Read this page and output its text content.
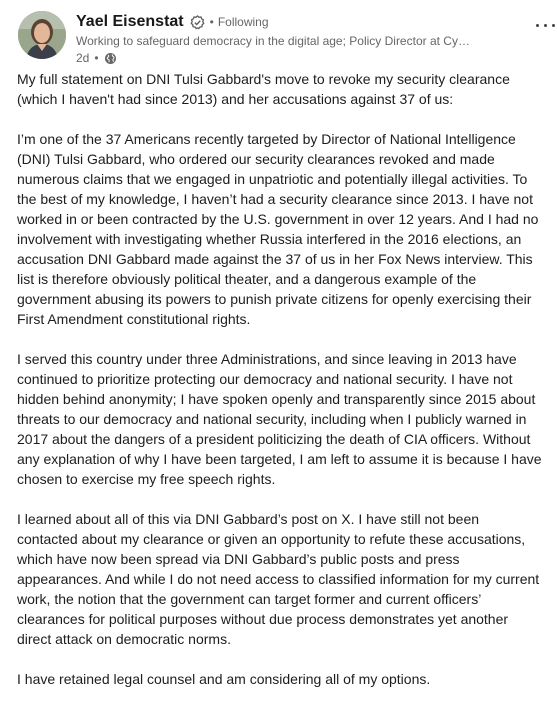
Yael Eisenstat • Following
Working to safeguard democracy in the digital age; Policy Director at Cy…
2d •

My full statement on DNI Tulsi Gabbard's move to revoke my security clearance (which I haven't had since 2013) and her accusations against 37 of us:

I’m one of the 37 Americans recently targeted by Director of National Intelligence (DNI) Tulsi Gabbard, who ordered our security clearances revoked and made numerous claims that we engaged in unpatriotic and potentially illegal activities. To the best of my knowledge, I haven’t had a security clearance since 2013. I have not worked in or been contracted by the U.S. government in over 12 years. And I had no involvement with investigating whether Russia interfered in the 2016 elections, an accusation DNI Gabbard made against the 37 of us in her Fox News interview. This list is therefore obviously political theater, and a dangerous example of the government abusing its powers to punish private citizens for openly exercising their First Amendment constitutional rights.

I served this country under three Administrations, and since leaving in 2013 have continued to prioritize protecting our democracy and national security. I have not hidden behind anonymity; I have spoken openly and transparently since 2015 about threats to our democracy and national security, including when I publicly warned in 2017 about the dangers of a president politicizing the death of CIA officers. Without any explanation of why I have been targeted, I am left to assume it is because I have chosen to exercise my free speech rights.

I learned about all of this via DNI Gabbard’s post on X. I have still not been contacted about my clearance or given an opportunity to refute these accusations, which have now been spread via DNI Gabbard’s public posts and press appearances. And while I do not need access to classified information for my current work, the notion that the government can target former and current officers’ clearances for political purposes without due process demonstrates yet another direct attack on democratic norms.

I have retained legal counsel and am considering all of my options.
